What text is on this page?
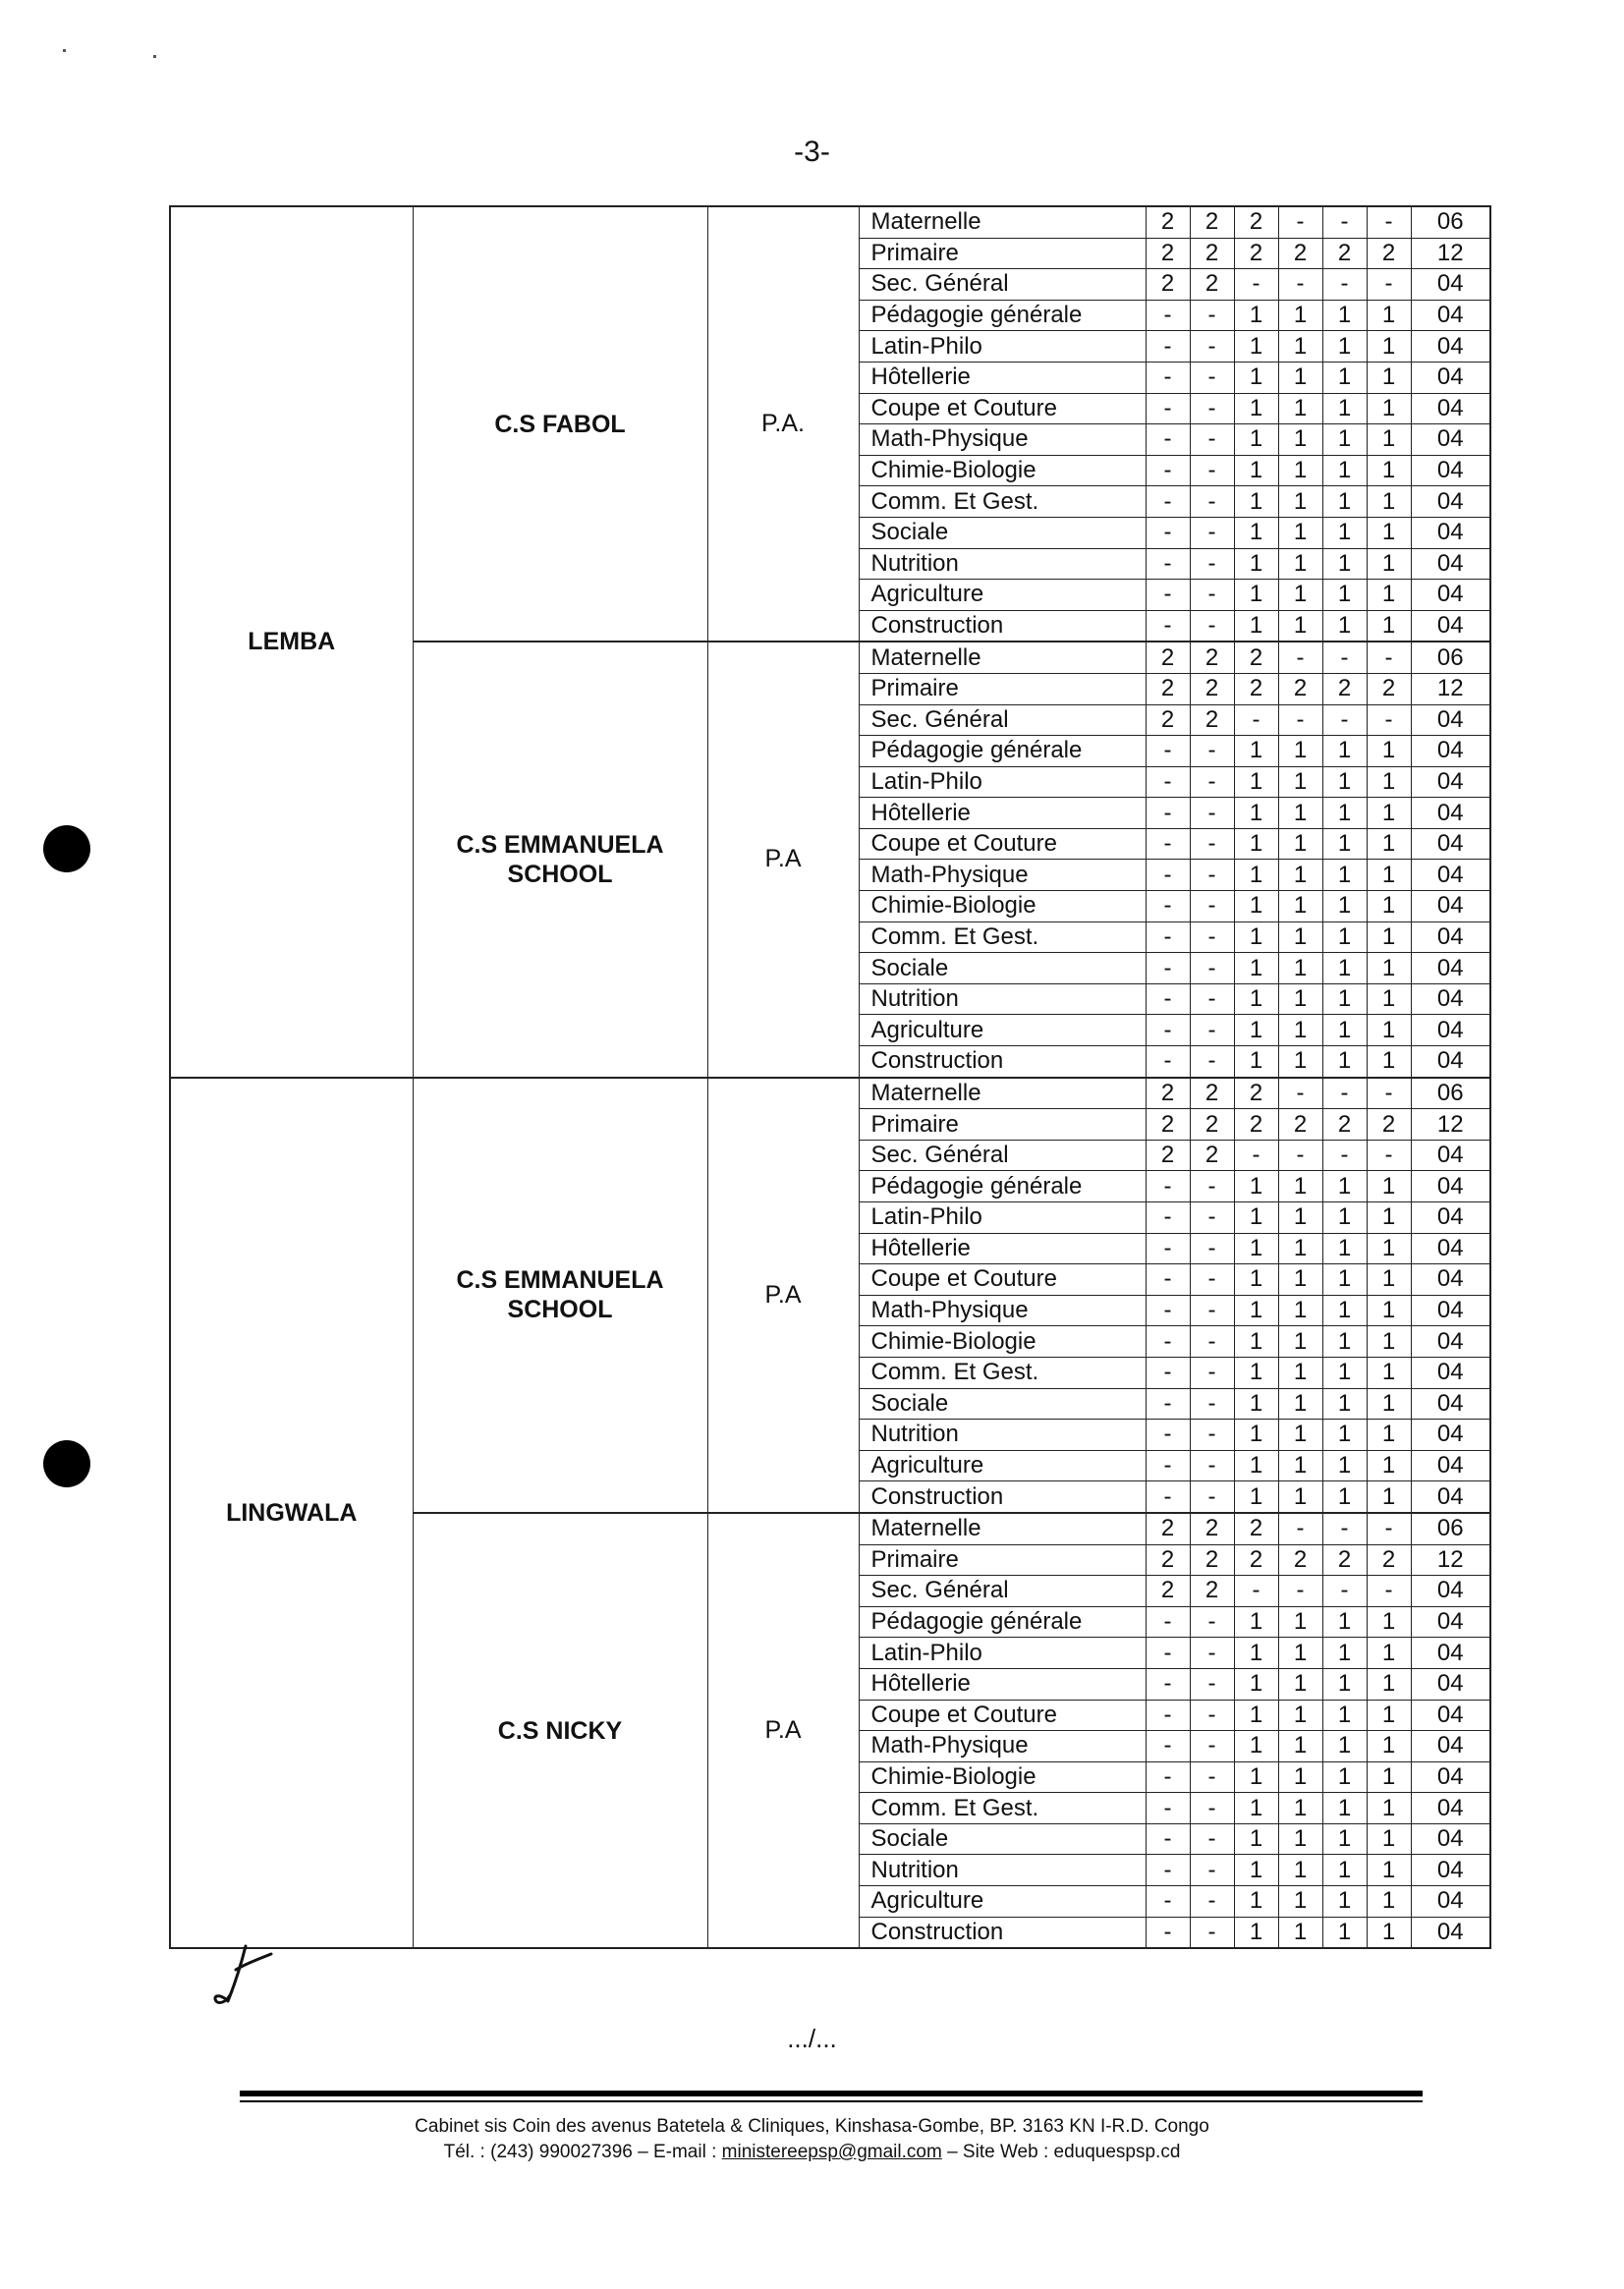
-3-
LEMBA	C.S FABOL	P.A.	Maternelle	2	2	2	-	-	-	06
			Primaire	2	2	2	2	2	2	12
			Sec. Général	2	2	-	-	-	-	04
			Pédagogie générale	-	-	1	1	1	1	04
			Latin-Philo	-	-	1	1	1	1	04
			Hôtellerie	-	-	1	1	1	1	04
			Coupe et Couture	-	-	1	1	1	1	04
			Math-Physique	-	-	1	1	1	1	04
			Chimie-Biologie	-	-	1	1	1	1	04
			Comm. Et Gest.	-	-	1	1	1	1	04
			Sociale	-	-	1	1	1	1	04
			Nutrition	-	-	1	1	1	1	04
			Agriculture	-	-	1	1	1	1	04
			Construction	-	-	1	1	1	1	04
	C.S EMMANUELA SCHOOL	P.A	Maternelle	2	2	2	-	-	-	06
			Primaire	2	2	2	2	2	2	12
			Sec. Général	2	2	-	-	-	-	04
			Pédagogie générale	-	-	1	1	1	1	04
			Latin-Philo	-	-	1	1	1	1	04
			Hôtellerie	-	-	1	1	1	1	04
			Coupe et Couture	-	-	1	1	1	1	04
			Math-Physique	-	-	1	1	1	1	04
			Chimie-Biologie	-	-	1	1	1	1	04
			Comm. Et Gest.	-	-	1	1	1	1	04
			Sociale	-	-	1	1	1	1	04
			Nutrition	-	-	1	1	1	1	04
			Agriculture	-	-	1	1	1	1	04
			Construction	-	-	1	1	1	1	04
LINGWALA	C.S EMMANUELA SCHOOL	P.A	Maternelle	2	2	2	-	-	-	06
			Primaire	2	2	2	2	2	2	12
			Sec. Général	2	2	-	-	-	-	04
			Pédagogie générale	-	-	1	1	1	1	04
			Latin-Philo	-	-	1	1	1	1	04
			Hôtellerie	-	-	1	1	1	1	04
			Coupe et Couture	-	-	1	1	1	1	04
			Math-Physique	-	-	1	1	1	1	04
			Chimie-Biologie	-	-	1	1	1	1	04
			Comm. Et Gest.	-	-	1	1	1	1	04
			Sociale	-	-	1	1	1	1	04
			Nutrition	-	-	1	1	1	1	04
			Agriculture	-	-	1	1	1	1	04
			Construction	-	-	1	1	1	1	04
	C.S NICKY	P.A	Maternelle	2	2	2	-	-	-	06
			Primaire	2	2	2	2	2	2	12
			Sec. Général	2	2	-	-	-	-	04
			Pédagogie générale	-	-	1	1	1	1	04
			Latin-Philo	-	-	1	1	1	1	04
			Hôtellerie	-	-	1	1	1	1	04
			Coupe et Couture	-	-	1	1	1	1	04
			Math-Physique	-	-	1	1	1	1	04
			Chimie-Biologie	-	-	1	1	1	1	04
			Comm. Et Gest.	-	-	1	1	1	1	04
			Sociale	-	-	1	1	1	1	04
			Nutrition	-	-	1	1	1	1	04
			Agriculture	-	-	1	1	1	1	04
			Construction	-	-	1	1	1	1	04
.../...
Cabinet sis Coin des avenus Batetela & Cliniques, Kinshasa-Gombe, BP. 3163 KN I-R.D. Congo
Tél. : (243) 990027396 – E-mail : ministereepsp@gmail.com – Site Web : eduquespsp.cd
